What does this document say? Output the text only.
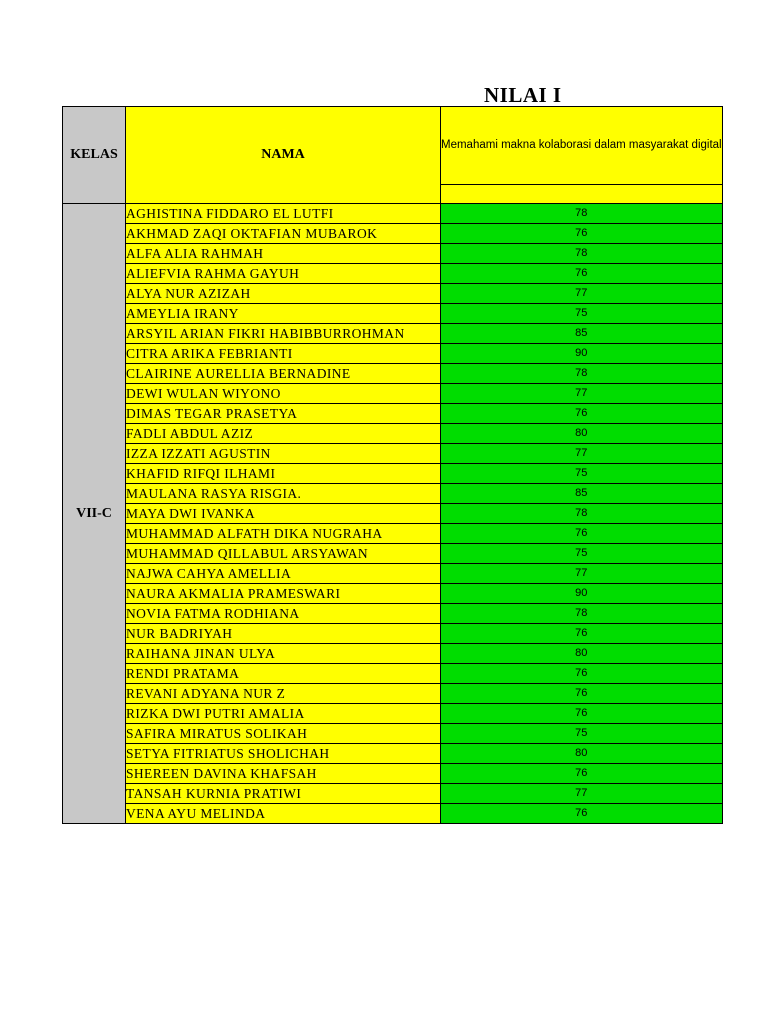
NILAI I
KELAS	NAMA	Memahami makna kolaborasi dalam masyarakat digital

VII-C	AGHISTINA FIDDARO EL LUTFI	78
	AKHMAD ZAQI OKTAFIAN MUBAROK	76
	ALFA ALIA RAHMAH	78
	ALIEFVIA RAHMA GAYUH	76
	ALYA NUR AZIZAH	77
	AMEYLIA IRANY	75
	ARSYIL ARIAN FIKRI HABIBBURROHMAN	85
	CITRA ARIKA FEBRIANTI	90
	CLAIRINE AURELLIA BERNADINE	78
	DEWI WULAN WIYONO	77
	DIMAS TEGAR PRASETYA	76
	FADLI ABDUL AZIZ	80
	IZZA IZZATI AGUSTIN	77
	KHAFID RIFQI ILHAMI	75
	MAULANA RASYA RISGIA.	85
	MAYA DWI IVANKA	78
	MUHAMMAD ALFATH DIKA NUGRAHA	76
	MUHAMMAD QILLABUL ARSYAWAN	75
	NAJWA CAHYA AMELLIA	77
	NAURA AKMALIA PRAMESWARI	90
	NOVIA FATMA RODHIANA	78
	NUR BADRIYAH	76
	RAIHANA JINAN ULYA	80
	RENDI PRATAMA	76
	REVANI ADYANA NUR Z	76
	RIZKA DWI PUTRI AMALIA	76
	SAFIRA MIRATUS SOLIKAH	75
	SETYA FITRIATUS SHOLICHAH	80
	SHEREEN DAVINA KHAFSAH	76
	TANSAH KURNIA PRATIWI	77
	VENA AYU MELINDA	76
